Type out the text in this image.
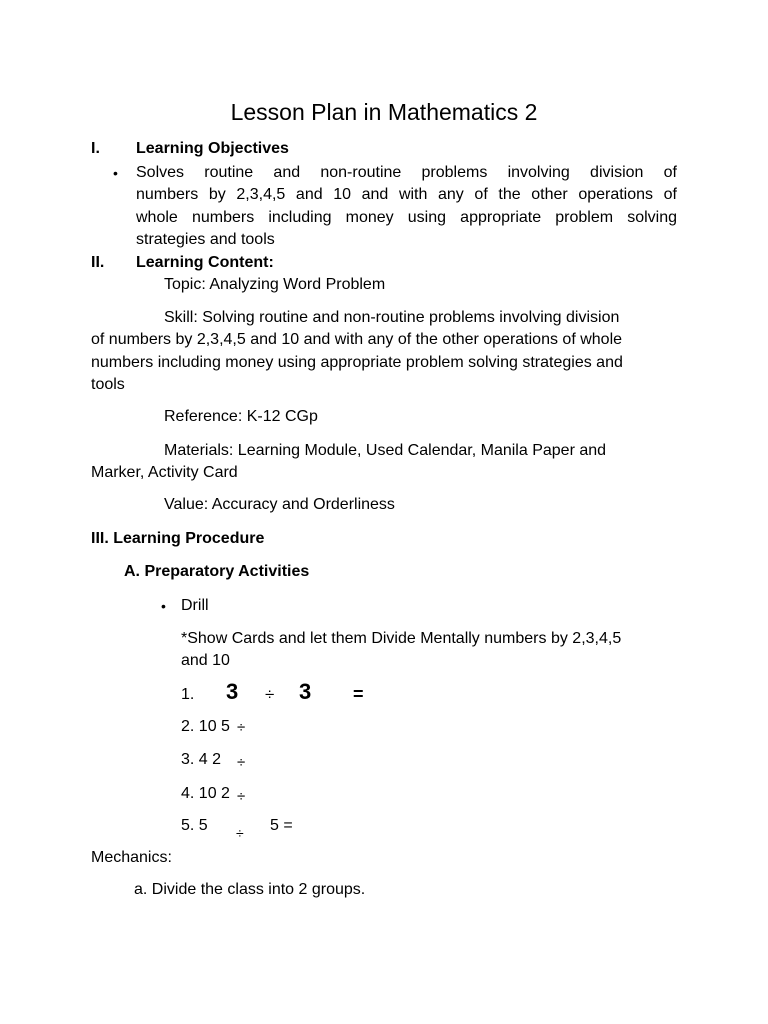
Lesson Plan in Mathematics 2
I. Learning Objectives
• Solves routine and non-routine problems involving division of
numbers by 2,3,4,5 and 10 and with any of the other operations of
whole numbers including money using appropriate problem solving
strategies and tools
II. Learning Content:
Topic: Analyzing Word Problem
Skill: Solving routine and non-routine problems involving division
of numbers by 2,3,4,5 and 10 and with any of the other operations of whole
numbers including money using appropriate problem solving strategies and
tools
Reference: K-12 CGp
Materials: Learning Module, Used Calendar, Manila Paper and
Marker, Activity Card
Value: Accuracy and Orderliness
III. Learning Procedure
A. Preparatory Activities
• Drill
*Show Cards and let them Divide Mentally numbers by 2,3,4,5
and 10
1. 3 ÷ 3 =
2. 10 5 ÷
3. 4 2 ÷
4. 10 2 ÷
5. 5 ÷ 5 =
Mechanics:
a. Divide the class into 2 groups.
